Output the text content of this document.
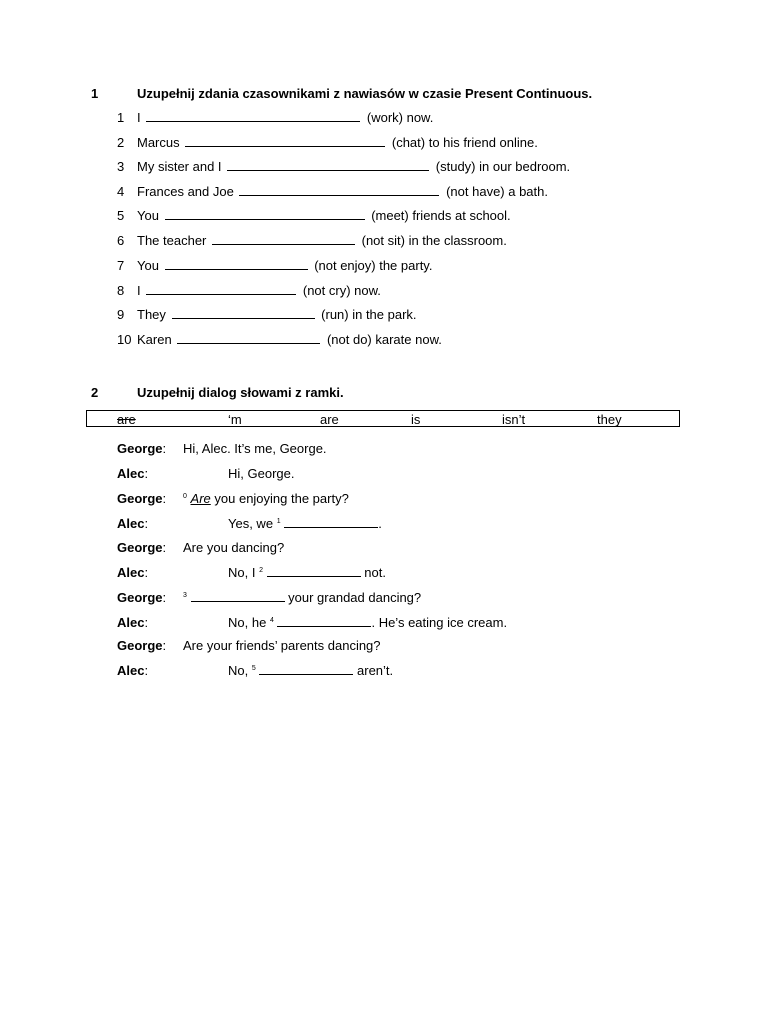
1	Uzupełnij zdania czasownikami z nawiasów w czasie Present Continuous.
1 I	(work) now.
2 Marcus	(chat) to his friend online.
3 My sister and I	(study) in our bedroom.
4 Frances and Joe	(not have) a bath.
5 You	(meet) friends at school.
6 The teacher	(not sit) in the classroom.
7 You	(not enjoy) the party.
8 I	(not cry) now.
9 They	(run) in the park.
10 Karen	(not do) karate now.
2	Uzupełnij dialog słowami z ramki.
are	‘m	are	is	isn’t	they
George: Hi, Alec. It’s me, George.
Alec:	Hi, George.
George: $^0$ Are you enjoying the party?
Alec:	Yes, we $^1$	.
George: Are you dancing?
Alec:	No, I $^2$	not.
George: $^3$	your grandad dancing?
Alec:	No, he $^4$	. He’s eating ice cream.
George: Are your friends’ parents dancing?
Alec:	No, $^5$	aren’t.
